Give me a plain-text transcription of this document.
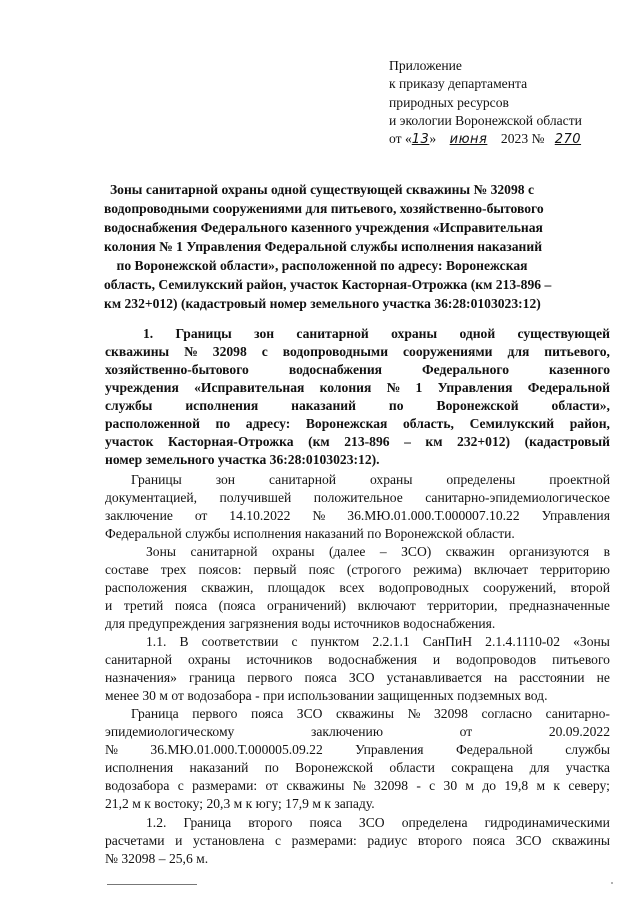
Приложение
к приказу департамента
природных ресурсов
и экологии Воронежской области
от «13» июня 2023 № 270
Зоны санитарной охраны одной существующей скважины № 32098 с
водопроводными сооружениями для питьевого, хозяйственно-бытового
водоснабжения Федерального казенного учреждения «Исправительная
колония № 1 Управления Федеральной службы исполнения наказаний
по Воронежской области», расположенной по адресу: Воронежская
область, Семилукский район, участок Касторная-Отрожка (км 213-896 –
км 232+012) (кадастровый номер земельного участка 36:28:0103023:12)
1. Границы зон санитарной охраны одной существующей
скважины № 32098 с водопроводными сооружениями для питьевого,
хозяйственно-бытового	водоснабжения	Федерального	казенного
учреждения «Исправительная колония № 1 Управления Федеральной
службы исполнения наказаний по Воронежской области»,
расположенной по адресу: Воронежская область, Семилукский район,
участок Касторная-Отрожка (км 213-896 – км 232+012) (кадастровый
номер земельного участка 36:28:0103023:12).
Границы зон санитарной охраны определены проектной
документацией, получившей положительное санитарно-эпидемиологическое
заключение от 14.10.2022 № 36.МЮ.01.000.Т.000007.10.22 Управления
Федеральной службы исполнения наказаний по Воронежской области.
Зоны санитарной охраны (далее – ЗСО) скважин организуются в
составе трех поясов: первый пояс (строгого режима) включает территорию
расположения скважин, площадок всех водопроводных сооружений, второй
и третий пояса (пояса ограничений) включают территории, предназначенные
для предупреждения загрязнения воды источников водоснабжения.
1.1. В соответствии с пунктом 2.2.1.1 СанПиН 2.1.4.1110-02 «Зоны
санитарной охраны источников водоснабжения и водопроводов питьевого
назначения» граница первого пояса ЗСО устанавливается на расстоянии не
менее 30 м от водозабора - при использовании защищенных подземных вод.
Граница первого пояса ЗСО скважины № 32098 согласно санитарно-
эпидемиологическому	заключению	от	20.09.2022
№ 36.МЮ.01.000.Т.000005.09.22 Управления Федеральной службы
исполнения наказаний по Воронежской области сокращена для участка
водозабора с размерами: от скважины № 32098 - с 30 м до 19,8 м к северу;
21,2 м к востоку; 20,3 м к югу; 17,9 м к западу.
1.2. Граница второго пояса ЗСО определена гидродинамическими
расчетами и установлена с размерами: радиус второго пояса ЗСО скважины
№ 32098 – 25,6 м.
